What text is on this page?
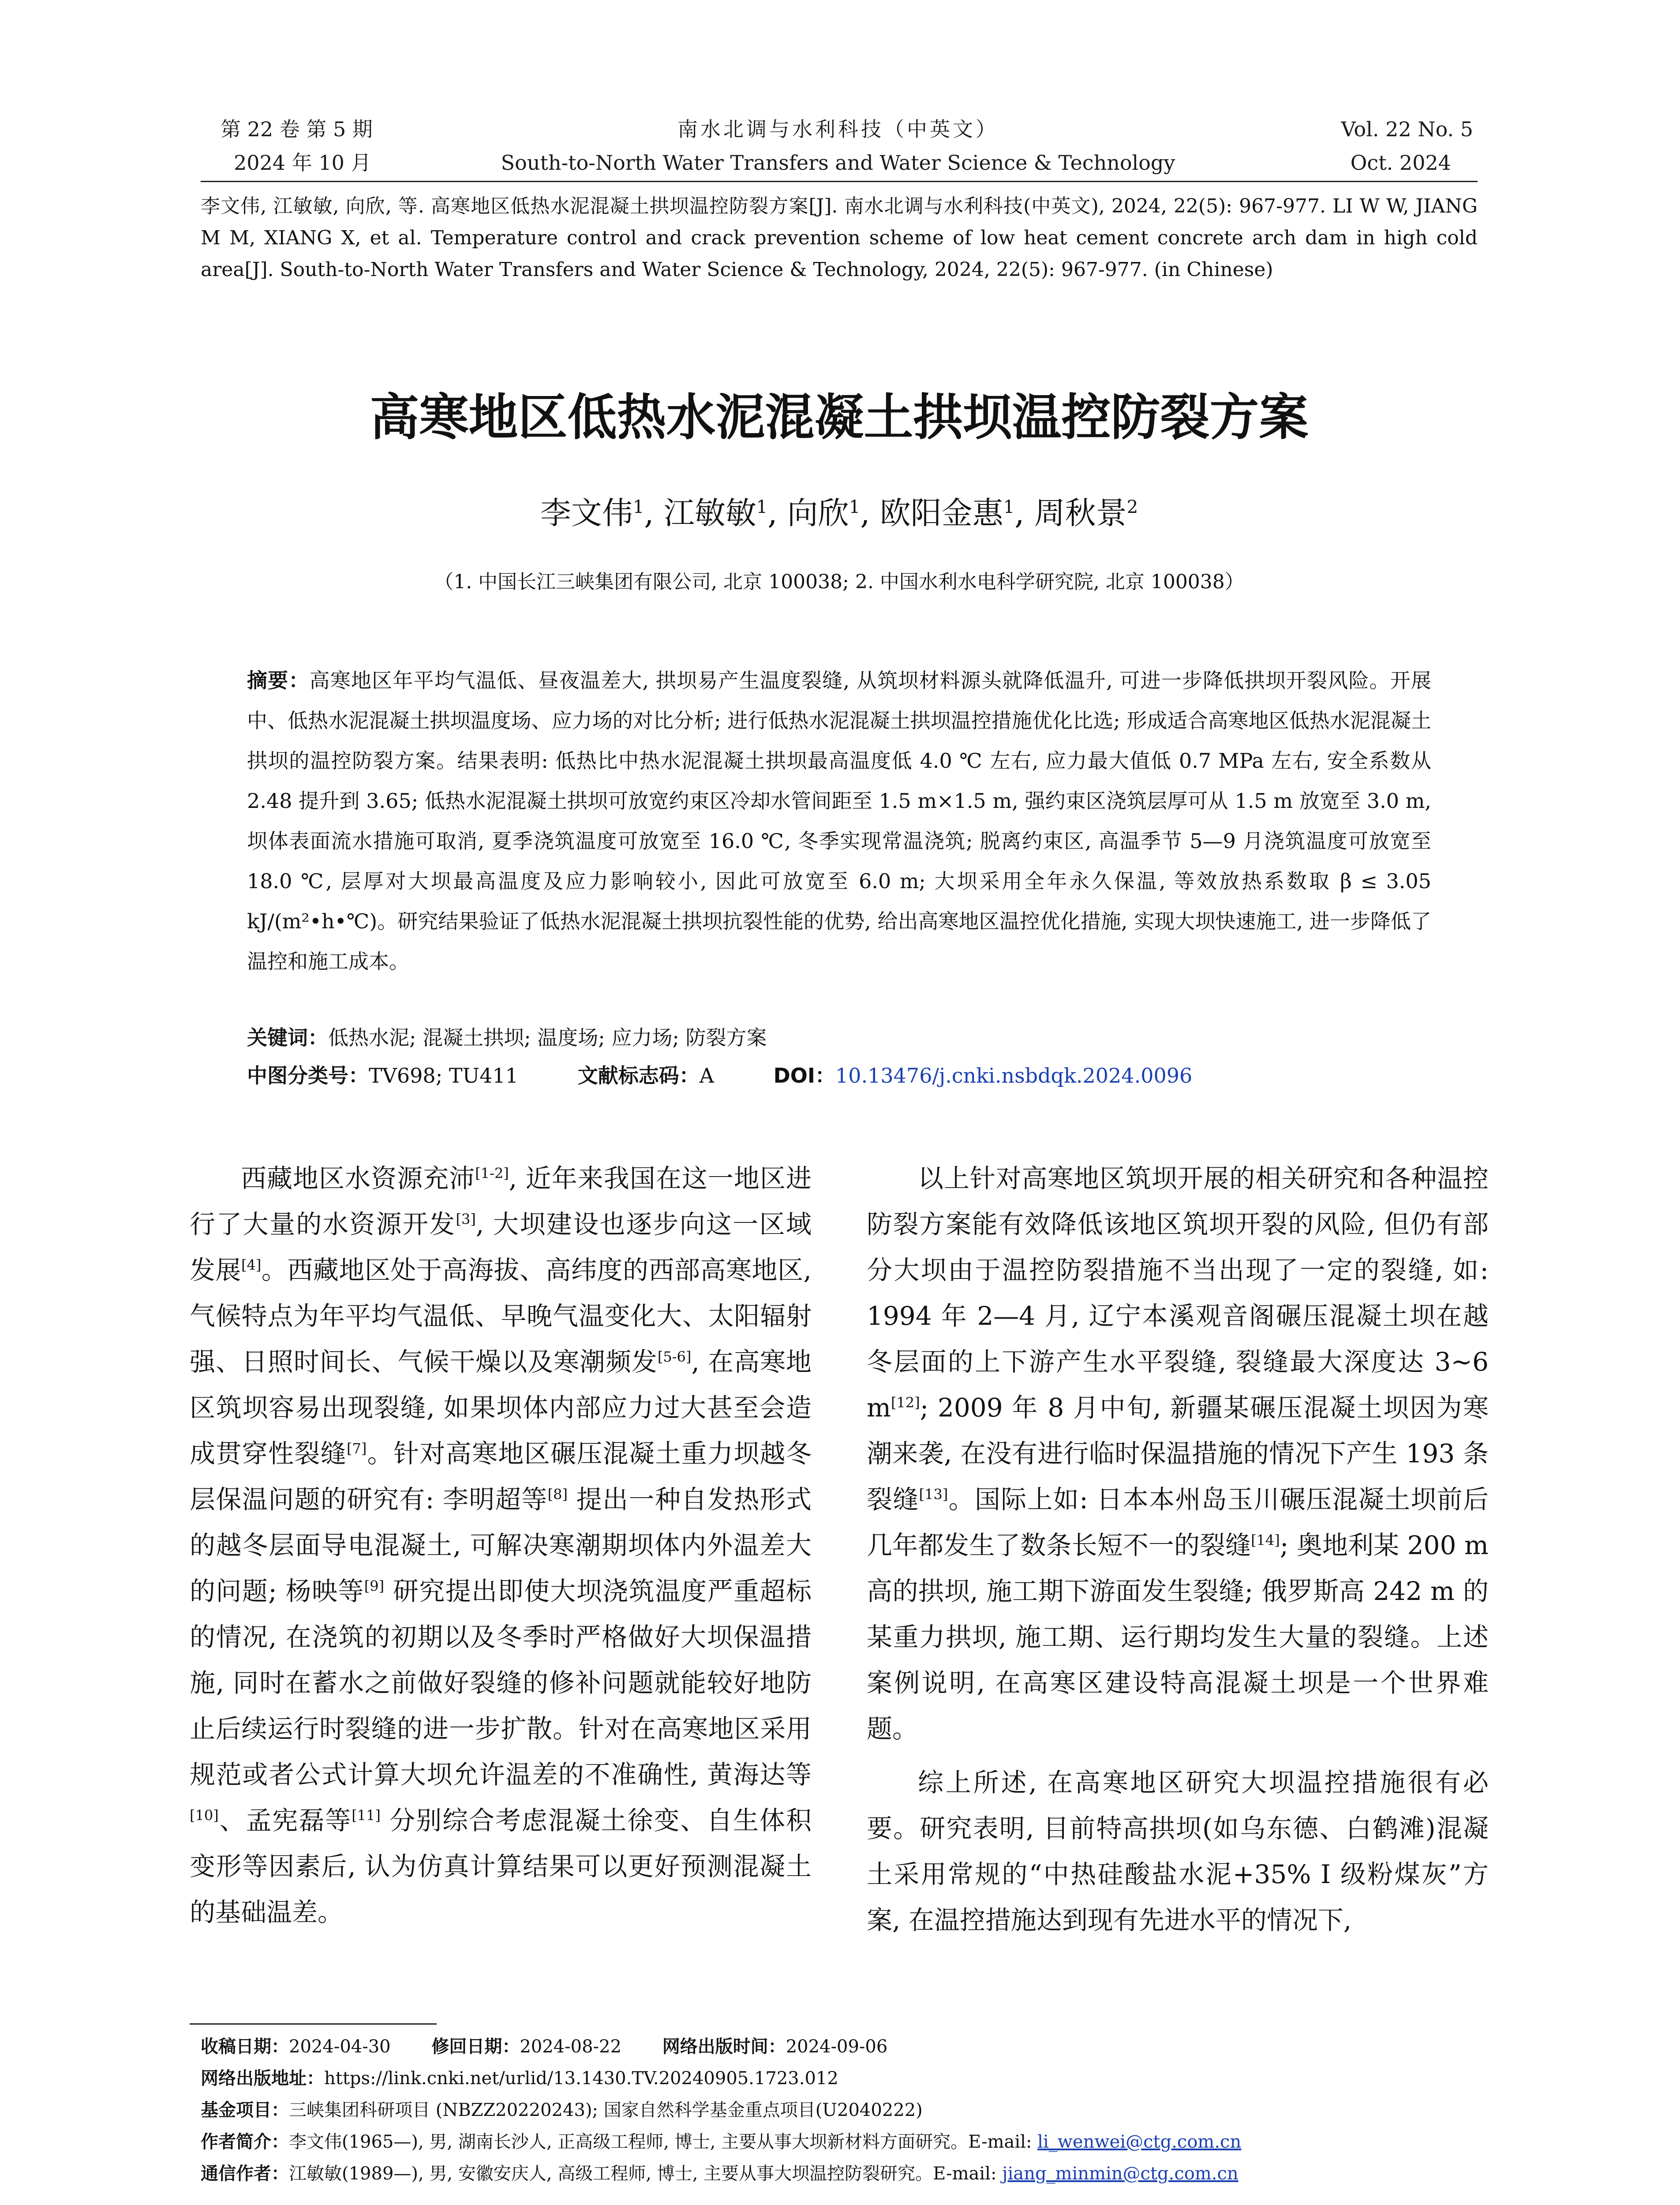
第 22 卷 第 5 期
2024 年 10 月
南水北调与水利科技（中英文）
South-to-North Water Transfers and Water Science & Technology
Vol. 22 No. 5
Oct. 2024
李文伟, 江敏敏, 向欣, 等. 高寒地区低热水泥混凝土拱坝温控防裂方案[J]. 南水北调与水利科技(中英文), 2024, 22(5): 967-977. LI W W, JIANG M M, XIANG X, et al. Temperature control and crack prevention scheme of low heat cement concrete arch dam in high cold area[J]. South-to-North Water Transfers and Water Science & Technology, 2024, 22(5): 967-977. (in Chinese)
高寒地区低热水泥混凝土拱坝温控防裂方案
李文伟$^1$, 江敏敏$^1$, 向欣$^1$, 欧阳金惠$^1$, 周秋景$^2$
（1. 中国长江三峡集团有限公司, 北京 100038; 2. 中国水利水电科学研究院, 北京 100038）
摘要：高寒地区年平均气温低、昼夜温差大, 拱坝易产生温度裂缝, 从筑坝材料源头就降低温升, 可进一步降低拱坝开裂风险。开展中、低热水泥混凝土拱坝温度场、应力场的对比分析; 进行低热水泥混凝土拱坝温控措施优化比选; 形成适合高寒地区低热水泥混凝土拱坝的温控防裂方案。结果表明: 低热比中热水泥混凝土拱坝最高温度低 4.0 ℃ 左右, 应力最大值低 0.7 MPa 左右, 安全系数从 2.48 提升到 3.65; 低热水泥混凝土拱坝可放宽约束区冷却水管间距至 1.5 m×1.5 m, 强约束区浇筑层厚可从 1.5 m 放宽至 3.0 m, 坝体表面流水措施可取消, 夏季浇筑温度可放宽至 16.0 ℃, 冬季实现常温浇筑; 脱离约束区, 高温季节 5—9 月浇筑温度可放宽至 18.0 ℃, 层厚对大坝最高温度及应力影响较小, 因此可放宽至 6.0 m; 大坝采用全年永久保温, 等效放热系数取 β ≤ 3.05 kJ/(m²•h•℃)。研究结果验证了低热水泥混凝土拱坝抗裂性能的优势, 给出高寒地区温控优化措施, 实现大坝快速施工, 进一步降低了温控和施工成本。
关键词：低热水泥; 混凝土拱坝; 温度场; 应力场; 防裂方案
中图分类号：TV698; TU411	文献标志码：A	DOI：10.13476/j.cnki.nsbdqk.2024.0096

西藏地区水资源充沛[1-2], 近年来我国在这一地区进行了大量的水资源开发[3], 大坝建设也逐步向这一区域发展[4]。西藏地区处于高海拔、高纬度的西部高寒地区, 气候特点为年平均气温低、早晚气温变化大、太阳辐射强、日照时间长、气候干燥以及寒潮频发[5-6], 在高寒地区筑坝容易出现裂缝, 如果坝体内部应力过大甚至会造成贯穿性裂缝[7]。针对高寒地区碾压混凝土重力坝越冬层保温问题的研究有: 李明超等[8] 提出一种自发热形式的越冬层面导电混凝土, 可解决寒潮期坝体内外温差大的问题; 杨映等[9] 研究提出即使大坝浇筑温度严重超标的情况, 在浇筑的初期以及冬季时严格做好大坝保温措施, 同时在蓄水之前做好裂缝的修补问题就能较好地防止后续运行时裂缝的进一步扩散。针对在高寒地区采用规范或者公式计算大坝允许温差的不准确性, 黄海达等[10]、孟宪磊等[11] 分别综合考虑混凝土徐变、自生体积变形等因素后, 认为仿真计算结果可以更好预测混凝土的基础温差。

以上针对高寒地区筑坝开展的相关研究和各种温控防裂方案能有效降低该地区筑坝开裂的风险, 但仍有部分大坝由于温控防裂措施不当出现了一定的裂缝, 如: 1994 年 2—4 月, 辽宁本溪观音阁碾压混凝土坝在越冬层面的上下游产生水平裂缝, 裂缝最大深度达 3~6 m[12]; 2009 年 8 月中旬, 新疆某碾压混凝土坝因为寒潮来袭, 在没有进行临时保温措施的情况下产生 193 条裂缝[13]。国际上如: 日本本州岛玉川碾压混凝土坝前后几年都发生了数条长短不一的裂缝[14]; 奥地利某 200 m 高的拱坝, 施工期下游面发生裂缝; 俄罗斯高 242 m 的某重力拱坝, 施工期、运行期均发生大量的裂缝。上述案例说明, 在高寒区建设特高混凝土坝是一个世界难题。

综上所述, 在高寒地区研究大坝温控措施很有必要。研究表明, 目前特高拱坝(如乌东德、白鹤滩)混凝土采用常规的“中热硅酸盐水泥+35% I 级粉煤灰”方案, 在温控措施达到现有先进水平的情况下,

收稿日期：2024-04-30 修回日期：2024-08-22 网络出版时间：2024-09-06
网络出版地址：https://link.cnki.net/urlid/13.1430.TV.20240905.1723.012
基金项目：三峡集团科研项目 (NBZZ20220243); 国家自然科学基金重点项目(U2040222)
作者简介：李文伟(1965—), 男, 湖南长沙人, 正高级工程师, 博士, 主要从事大坝新材料方面研究。E-mail: li_wenwei@ctg.com.cn
通信作者：江敏敏(1989—), 男, 安徽安庆人, 高级工程师, 博士, 主要从事大坝温控防裂研究。E-mail: jiang_minmin@ctg.com.cn
